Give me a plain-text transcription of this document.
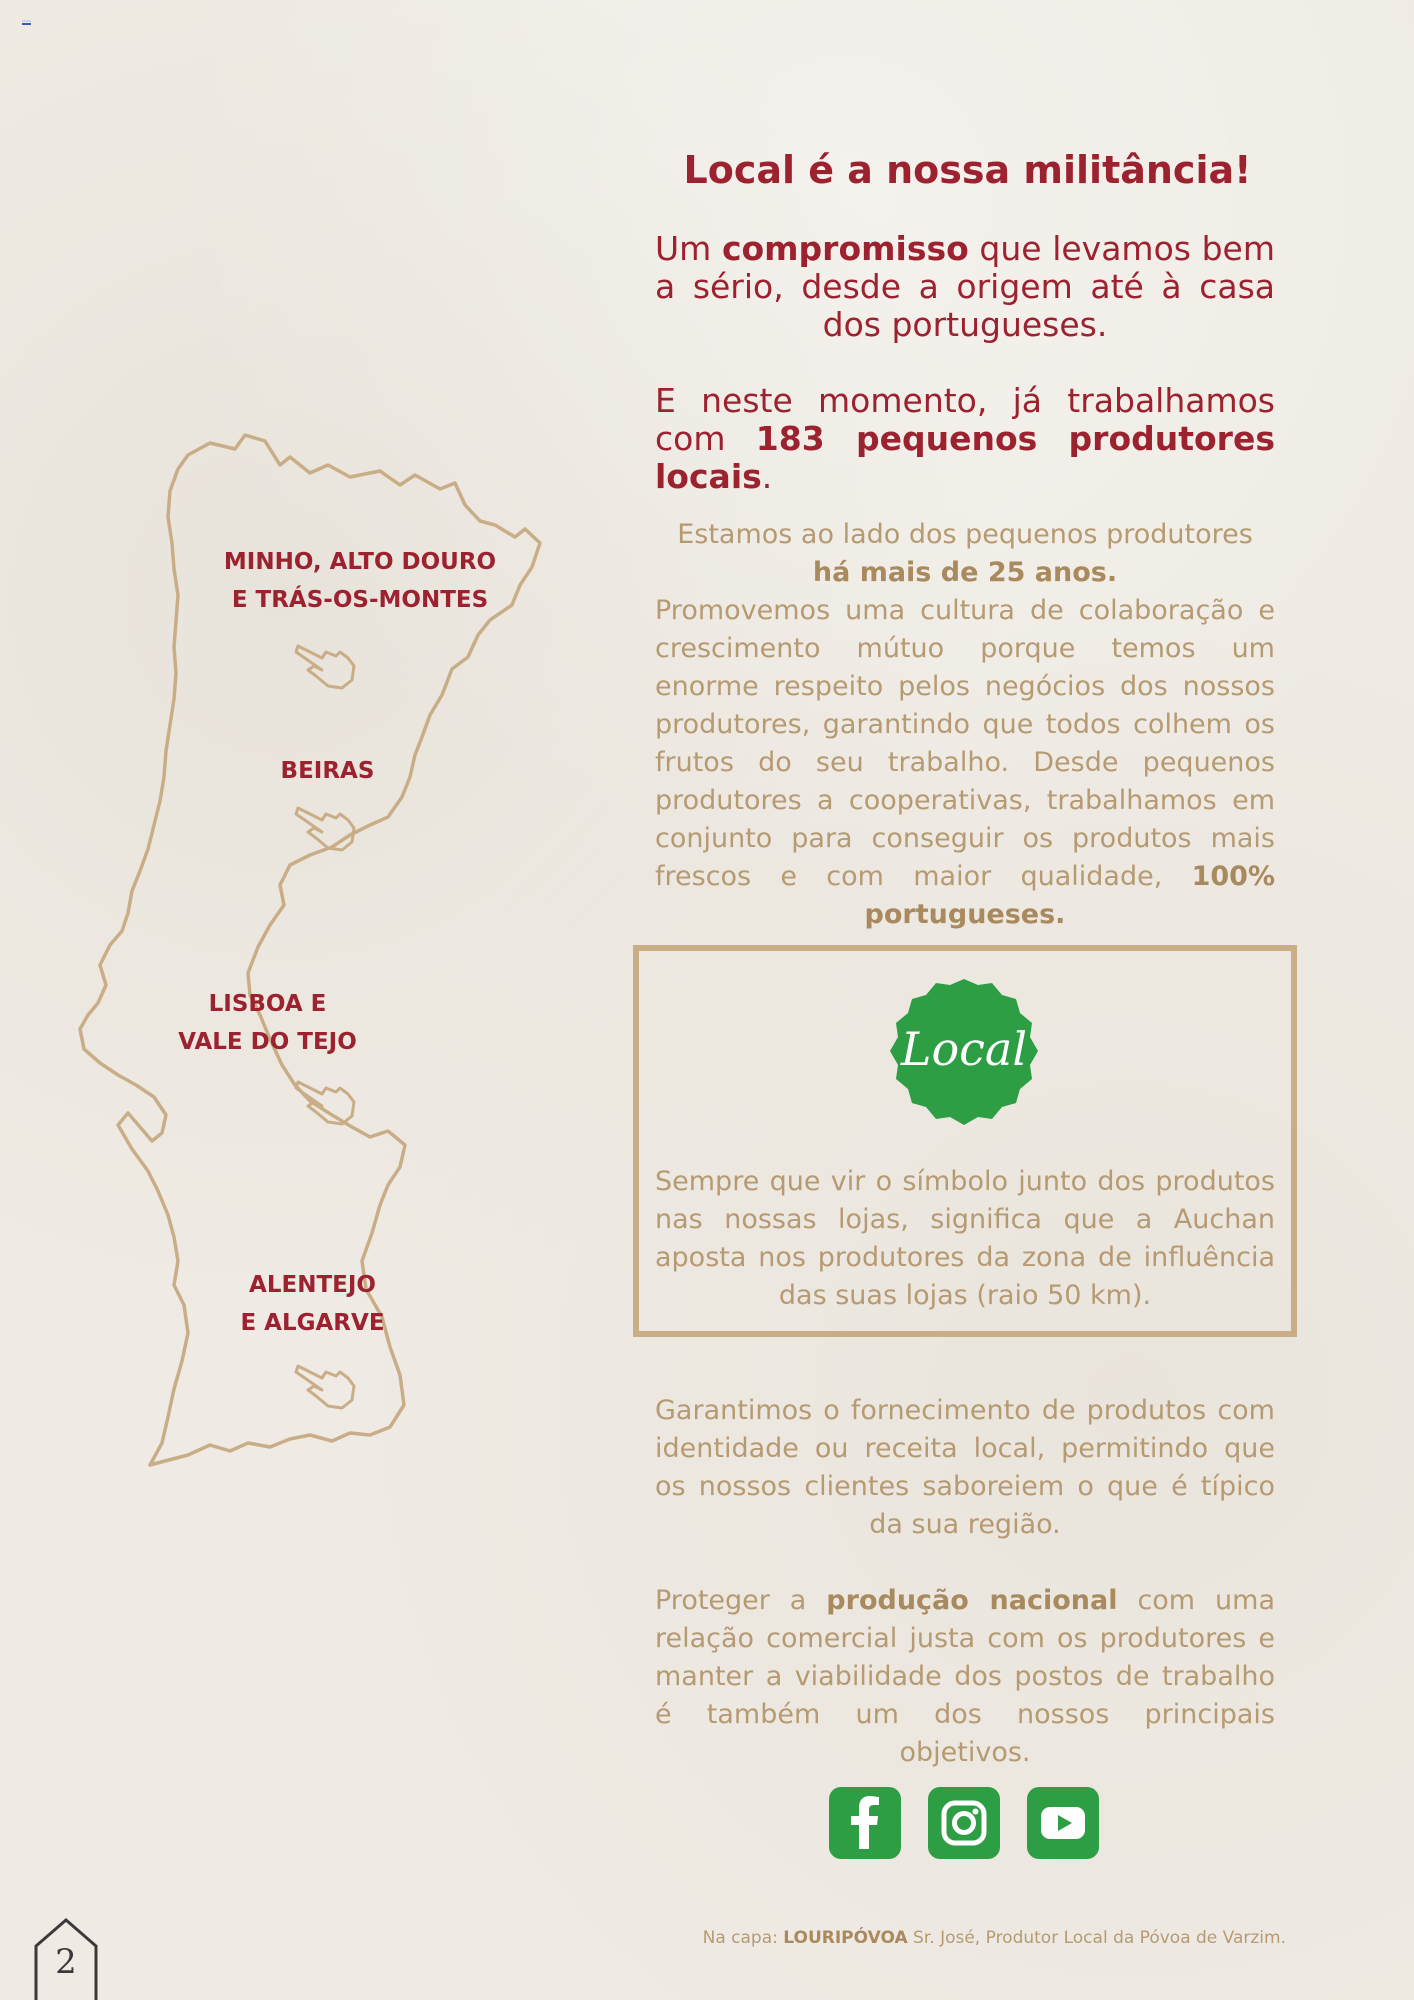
MINHO, ALTO DOURO
E TRÁS-OS-MONTES
BEIRAS
LISBOA E
VALE DO TEJO
ALENTEJO
E ALGARVE
Local é a nossa militância!

Um compromisso que levamos bem a sério, desde a origem até à casa dos portugueses.

E neste momento, já trabalhamos com 183 pequenos produtores locais.

Estamos ao lado dos pequenos produtores
há mais de 25 anos.

Promovemos uma cultura de colaboração e crescimento mútuo porque temos um enorme respeito pelos negócios dos nossos produtores, garantindo que todos colhem os frutos do seu trabalho. Desde pequenos produtores a cooperativas, trabalhamos em conjunto para conseguir os produtos mais frescos e com maior qualidade, 100% portugueses.

Local

Sempre que vir o símbolo junto dos produtos nas nossas lojas, significa que a Auchan aposta nos produtores da zona de influência das suas lojas (raio 50 km).

Garantimos o fornecimento de produtos com identidade ou receita local, permitindo que os nossos clientes saboreiem o que é típico da sua região.

Proteger a produção nacional com uma relação comercial justa com os produtores e manter a viabilidade dos postos de trabalho é também um dos nossos principais objetivos.

Na capa: LOURIPÓVOA Sr. José, Produtor Local da Póvoa de Varzim.

2
